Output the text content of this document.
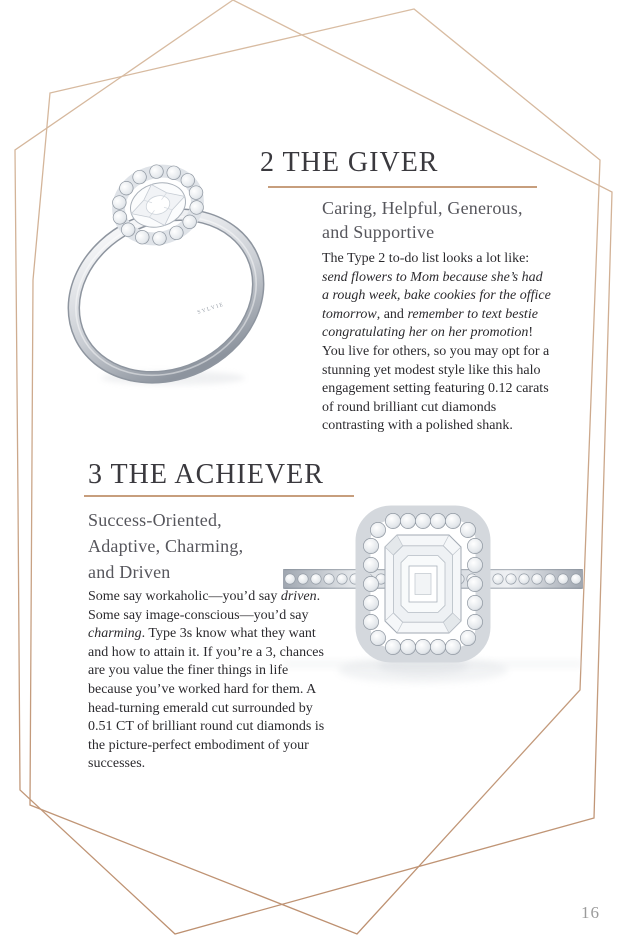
SYLVIE
2 THE GIVER
Caring, Helpful, Generous,
and Supportive

The Type 2 to-do list looks a lot like: send flowers to Mom because she’s had a rough week, bake cookies for the office tomorrow, and remember to text bestie congratulating her on her promotion! You live for others, so you may opt for a stunning yet modest style like this halo engagement setting featuring 0.12 carats of round brilliant cut diamonds contrasting with a polished shank.

3 THE ACHIEVER
Success-Oriented,
Adaptive, Charming,
and Driven

Some say workaholic—you’d say driven. Some say image-conscious—you’d say charming. Type 3s know what they want and how to attain it. If you’re a 3, chances are you value the finer things in life because you’ve worked hard for them. A head-turning emerald cut surrounded by 0.51 CT of brilliant round cut diamonds is the picture-perfect embodiment of your successes.

16
